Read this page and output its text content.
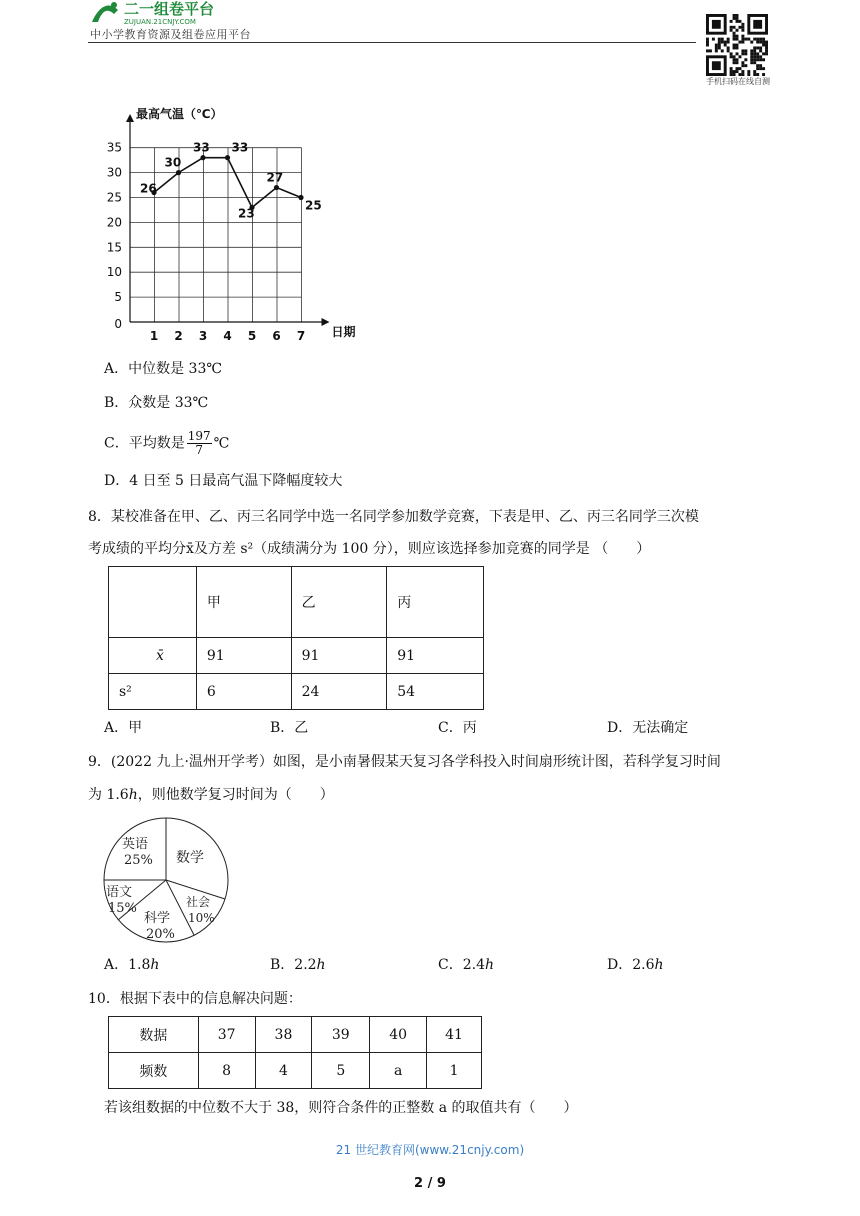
二一组卷平台
ZUJUAN.21CNJY.COM
中小学教育资源及组卷应用平台
手机扫码在线自测
最高气温（℃）
日期
0
5
10
15
20
25
30
35
1 2 3 4 5 6 7
26
30
33 33
23
27
25
A．中位数是 33℃
B．众数是 33℃
C．平均数是 $\frac{197}{7}$ ℃
D．4 日至 5 日最高气温下降幅度较大
8．某校准备在甲、乙、丙三名同学中选一名同学参加数学竞赛，下表是甲、乙、丙三名同学三次模
考成绩的平均分x̄及方差 s²（成绩满分为 100 分），则应该选择参加竞赛的同学是 （　　）
	甲	乙	丙
x̄	91	91	91
s²	6	24	54
A．甲	B．乙	C．丙	D．无法确定
9．(2022 九上·温州开学考）如图，是小南暑假某天复习各学科投入时间扇形统计图，若科学复习时间
为 1.6ℎ，则他数学复习时间为（　　）
英语
25% 数学
语文
15%
科学
20%
社会
10%
A．1.8ℎ	B．2.2ℎ	C．2.4ℎ	D．2.6ℎ
10．根据下表中的信息解决问题：
数据	37	38	39	40	41
频数	8	4	5	a	1
若该组数据的中位数不大于 38，则符合条件的正整数 a 的取值共有（　　）
21 世纪教育网(www.21cnjy.com)
2 / 9
